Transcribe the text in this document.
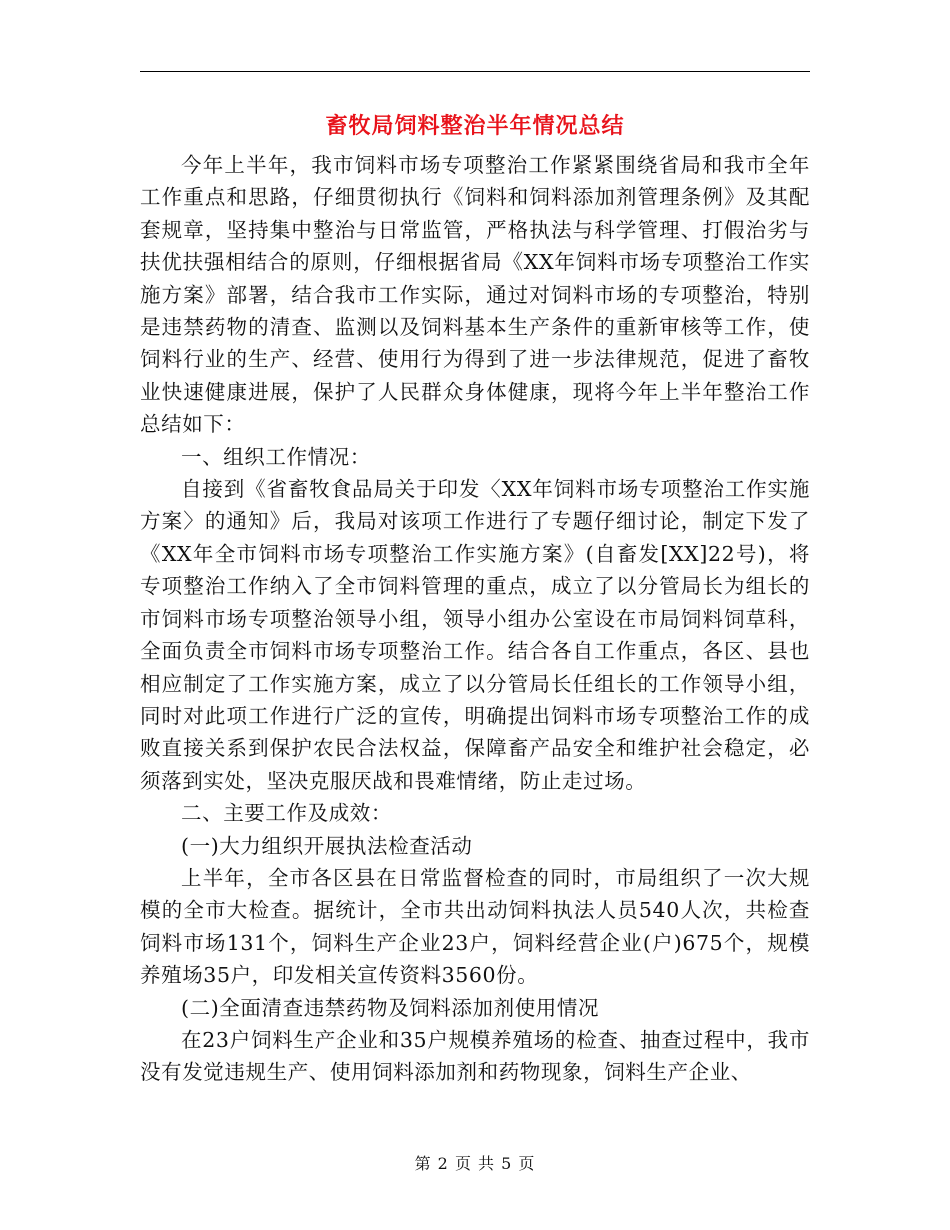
畜牧局饲料整治半年情况总结

今年上半年，我市饲料市场专项整治工作紧紧围绕省局和我市全年工作重点和思路，仔细贯彻执行《饲料和饲料添加剂管理条例》及其配套规章，坚持集中整治与日常监管，严格执法与科学管理、打假治劣与扶优扶强相结合的原则，仔细根据省局《XX年饲料市场专项整治工作实施方案》部署，结合我市工作实际，通过对饲料市场的专项整治，特别是违禁药物的清查、监测以及饲料基本生产条件的重新审核等工作，使饲料行业的生产、经营、使用行为得到了进一步法律规范，促进了畜牧业快速健康进展，保护了人民群众身体健康，现将今年上半年整治工作总结如下：

一、组织工作情况：

自接到《省畜牧食品局关于印发〈XX年饲料市场专项整治工作实施方案〉的通知》后，我局对该项工作进行了专题仔细讨论，制定下发了《XX年全市饲料市场专项整治工作实施方案》(自畜发[XX]22号)，将专项整治工作纳入了全市饲料管理的重点，成立了以分管局长为组长的市饲料市场专项整治领导小组，领导小组办公室设在市局饲料饲草科，全面负责全市饲料市场专项整治工作。结合各自工作重点，各区、县也相应制定了工作实施方案，成立了以分管局长任组长的工作领导小组，同时对此项工作进行广泛的宣传，明确提出饲料市场专项整治工作的成败直接关系到保护农民合法权益，保障畜产品安全和维护社会稳定，必须落到实处，坚决克服厌战和畏难情绪，防止走过场。

二、主要工作及成效：

(一)大力组织开展执法检查活动

上半年，全市各区县在日常监督检查的同时，市局组织了一次大规模的全市大检查。据统计，全市共出动饲料执法人员540人次，共检查饲料市场131个，饲料生产企业23户，饲料经营企业(户)675个，规模养殖场35户，印发相关宣传资料3560份。

(二)全面清查违禁药物及饲料添加剂使用情况

在23户饲料生产企业和35户规模养殖场的检查、抽查过程中，我市没有发觉违规生产、使用饲料添加剂和药物现象，饲料生产企业、

第 2 页 共 5 页
